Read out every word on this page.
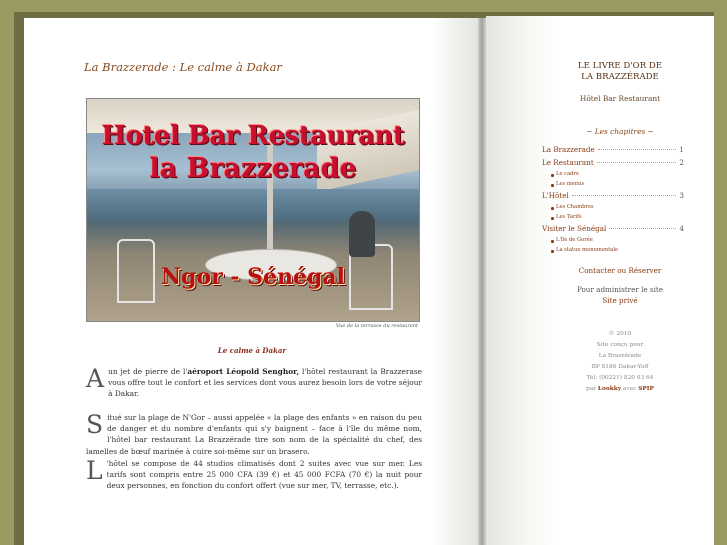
La Brazzerade : Le calme à Dakar
Hotel Bar Restaurant
la Brazzerade
Ngor - Sénégal
Vue de la terrasse du restaurant
Le calme à Dakar

Aun jet de pierre de l'aéroport Léopold Senghor, l'hôtel restaurant la Brazzerase vous offre tout le confort et les services dont vous aurez besoin lors de votre séjour à Dakar.

Situé sur la plage de N'Gor – aussi appelée « la plage des enfants » en raison du peu de danger et du nombre d'enfants qui s'y baignent – face à l'île du même nom, l'hôtel bar restaurant La Brazzérade tire son nom de la spécialité du chef, des lamelles de bœuf marinée à cuire soi-même sur un brasero.

L 'hôtel se compose de 44 studios climatisés dont 2 suites avec vue sur mer. Les tarifs sont compris entre 25 000 CFA (39 €) et 45 000 FCFA (70 €) la nuit pour deux personnes, en fonction du confort offert (vue sur mer, TV, terrasse, etc.).

LE LIVRE D'OR DE
LA BRAZZÉRADE
Hôtel Bar Restaurant
~ Les chapitres ~
La Brazzerade	1
Le Restaurant	2
Le cadre
Les menus
L'Hôtel	3
Les Chambres
Les Tarifs
Visiter le Sénégal	4
L'île de Gorée
La statue monumentale
Contacter ou Réserver
Pour administrer le site
Site privé
© 2010
Site conçu pour
La Brazzérade
BP 8186 Dakar-Yoff
Tél: (00221) 820 03 64
par Lookky avec SPIP
